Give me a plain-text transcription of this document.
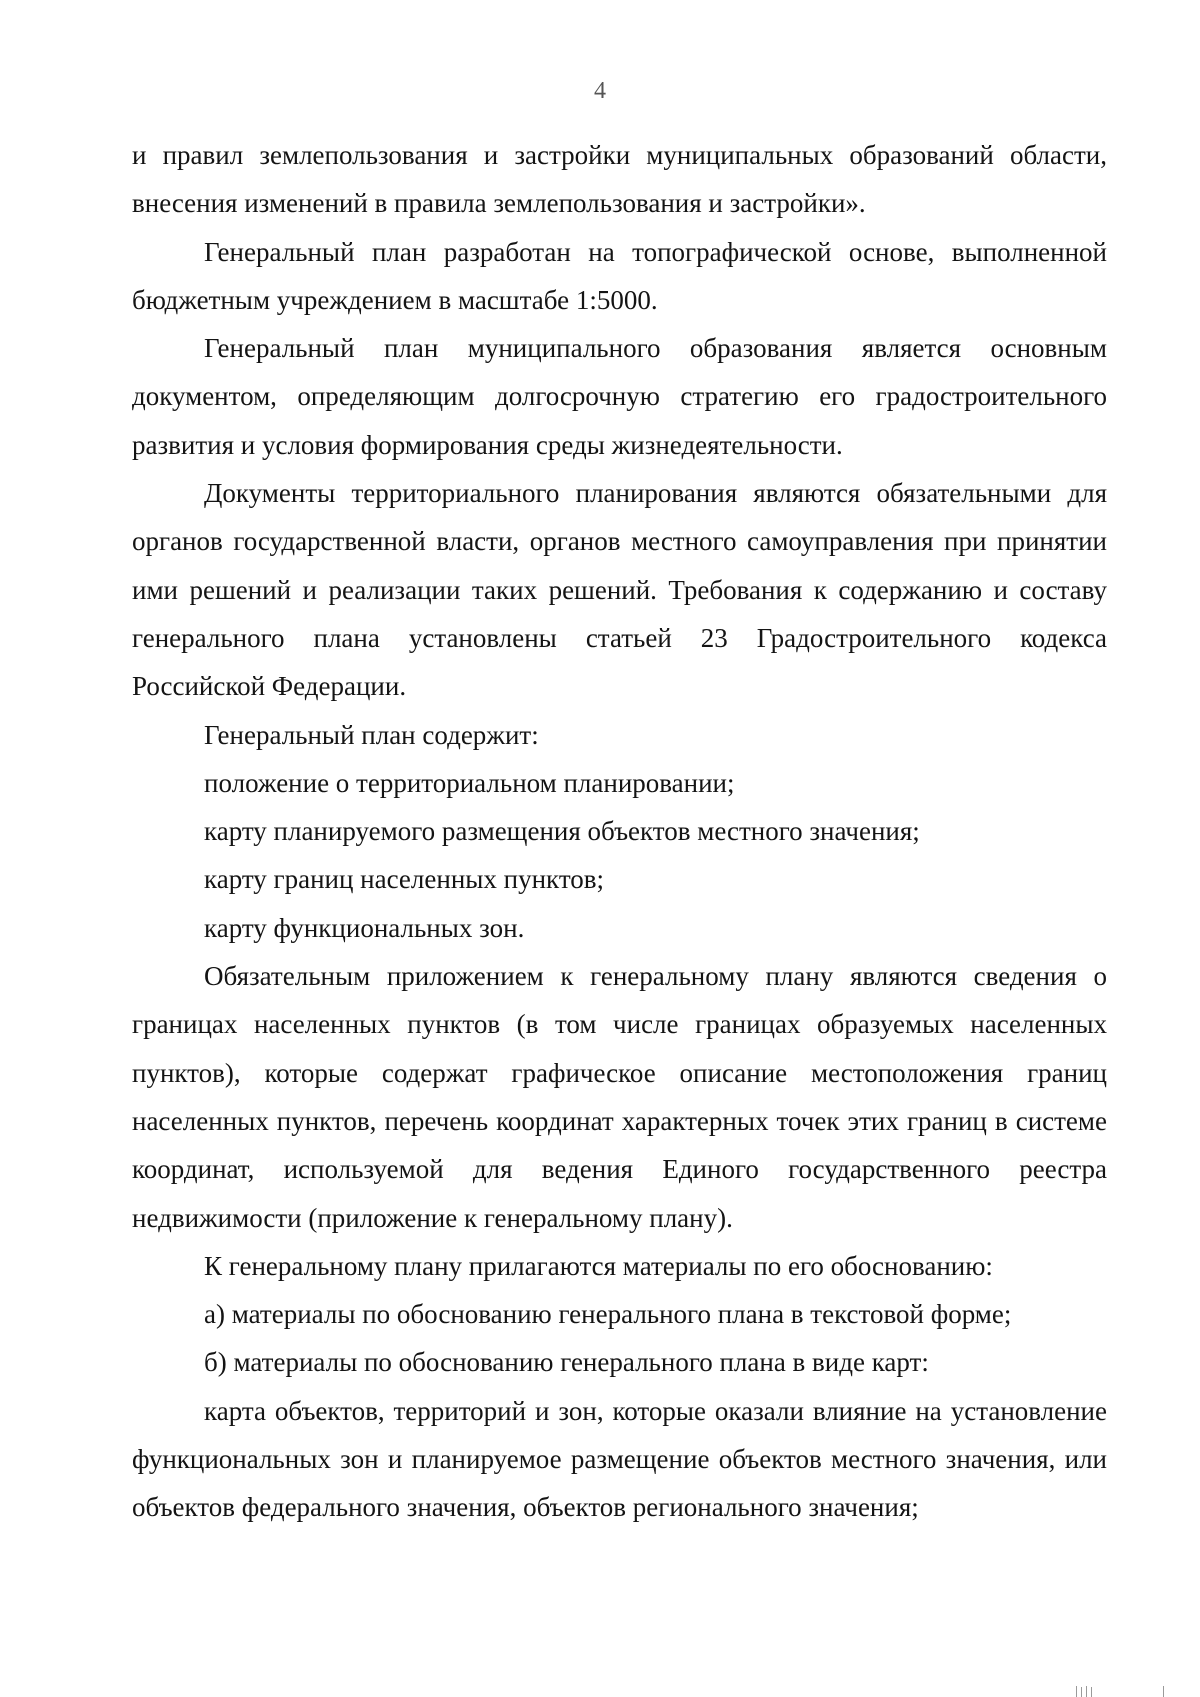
4

и правил землепользования и застройки муниципальных образований области, внесения изменений в правила землепользования и застройки».

Генеральный план разработан на топографической основе, выполненной бюджетным учреждением в масштабе 1:5000.

Генеральный план муниципального образования является основным документом, определяющим долгосрочную стратегию его градостроительного развития и условия формирования среды жизнедеятельности.

Документы территориального планирования являются обязательными для органов государственной власти, органов местного самоуправления при принятии ими решений и реализации таких решений. Требования к содержанию и составу генерального плана установлены статьей 23 Градостроительного кодекса Российской Федерации.

Генеральный план содержит:

положение о территориальном планировании;

карту планируемого размещения объектов местного значения;

карту границ населенных пунктов;

карту функциональных зон.

Обязательным приложением к генеральному плану являются сведения о границах населенных пунктов (в том числе границах образуемых населенных пунктов), которые содержат графическое описание местоположения границ населенных пунктов, перечень координат характерных точек этих границ в системе координат, используемой для ведения Единого государственного реестра недвижимости (приложение к генеральному плану).

К генеральному плану прилагаются материалы по его обоснованию:

а) материалы по обоснованию генерального плана в текстовой форме;

б) материалы по обоснованию генерального плана в виде карт:

карта объектов, территорий и зон, которые оказали влияние на установление функциональных зон и планируемое размещение объектов местного значения, или объектов федерального значения, объектов регионального значения;
